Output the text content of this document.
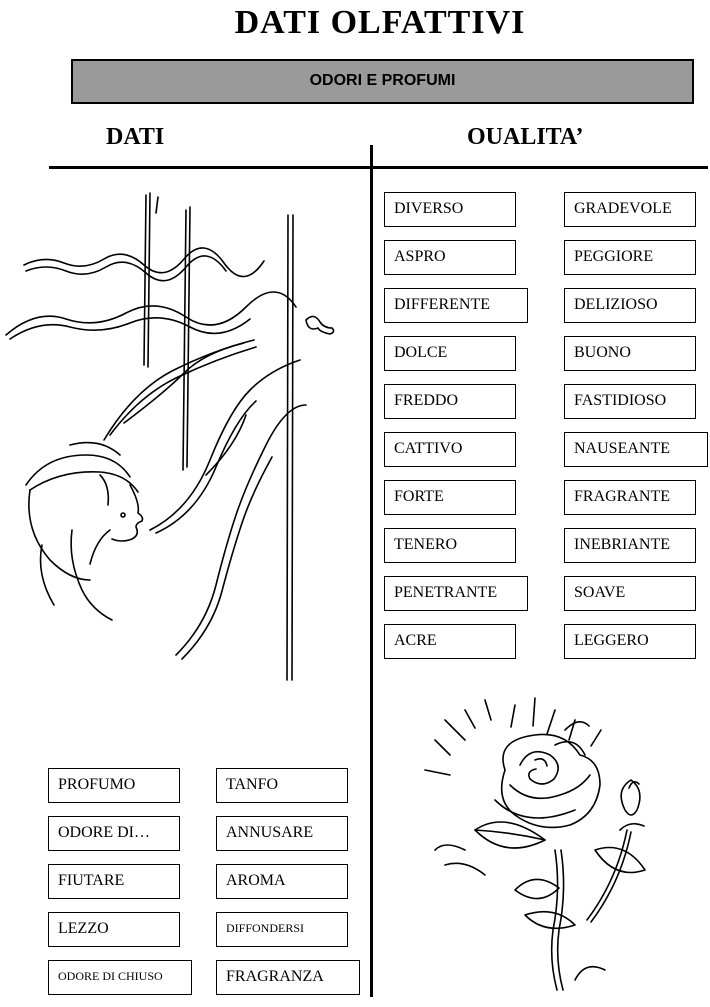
DATI OLFATTIVI
ODORI E PROFUMI
DATI	OUALITA’
DIVERSO
ASPRO
DIFFERENTE
DOLCE
FREDDO
CATTIVO
FORTE
TENERO
PENETRANTE
ACRE
GRADEVOLE
PEGGIORE
DELIZIOSO
BUONO
FASTIDIOSO
NAUSEANTE
FRAGRANTE
INEBRIANTE
SOAVE
LEGGERO
PROFUMO
ODORE DI…
FIUTARE
LEZZO
ODORE DI CHIUSO
TANFO
ANNUSARE
AROMA
DIFFONDERSI
FRAGRANZA
